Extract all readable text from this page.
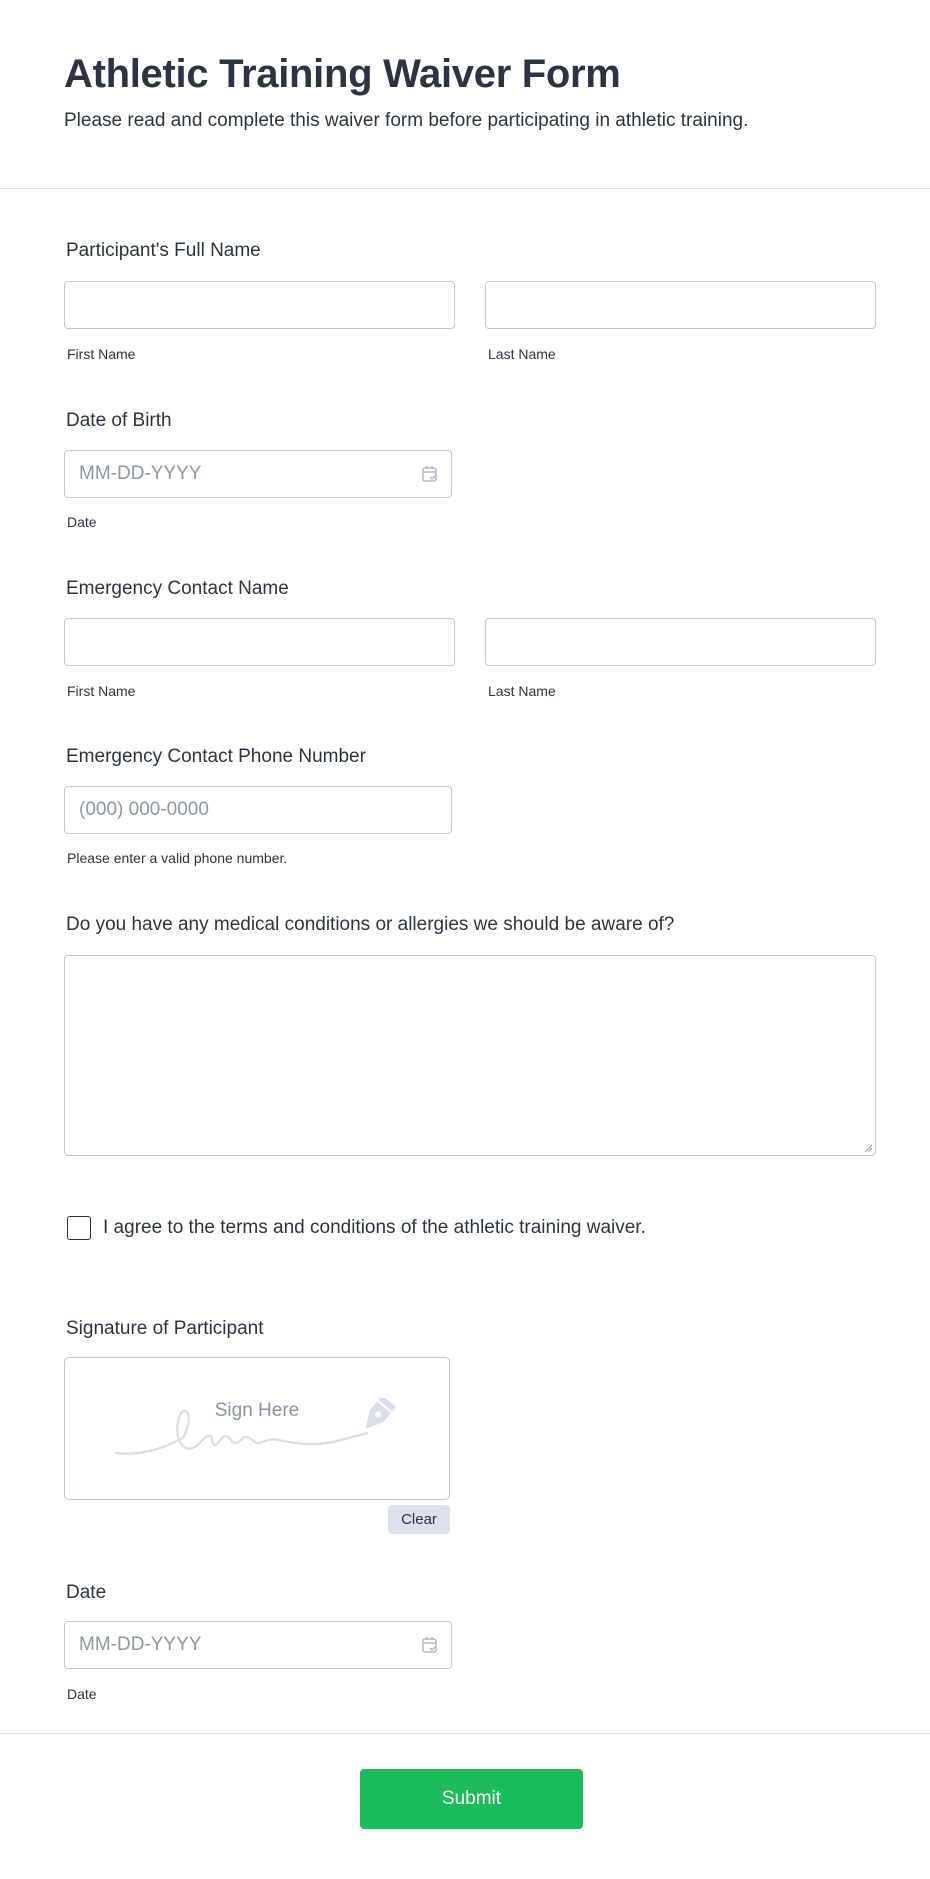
Athletic Training Waiver Form
Please read and complete this waiver form before participating in athletic training.
Participant's Full Name
First Name	Last Name
Date of Birth
MM-DD-YYYY
Date
Emergency Contact Name
First Name	Last Name
Emergency Contact Phone Number
(000) 000-0000
Please enter a valid phone number.
Do you have any medical conditions or allergies we should be aware of?
I agree to the terms and conditions of the athletic training waiver.
Signature of Participant
Sign Here
Clear
Date
MM-DD-YYYY
Date
Submit
